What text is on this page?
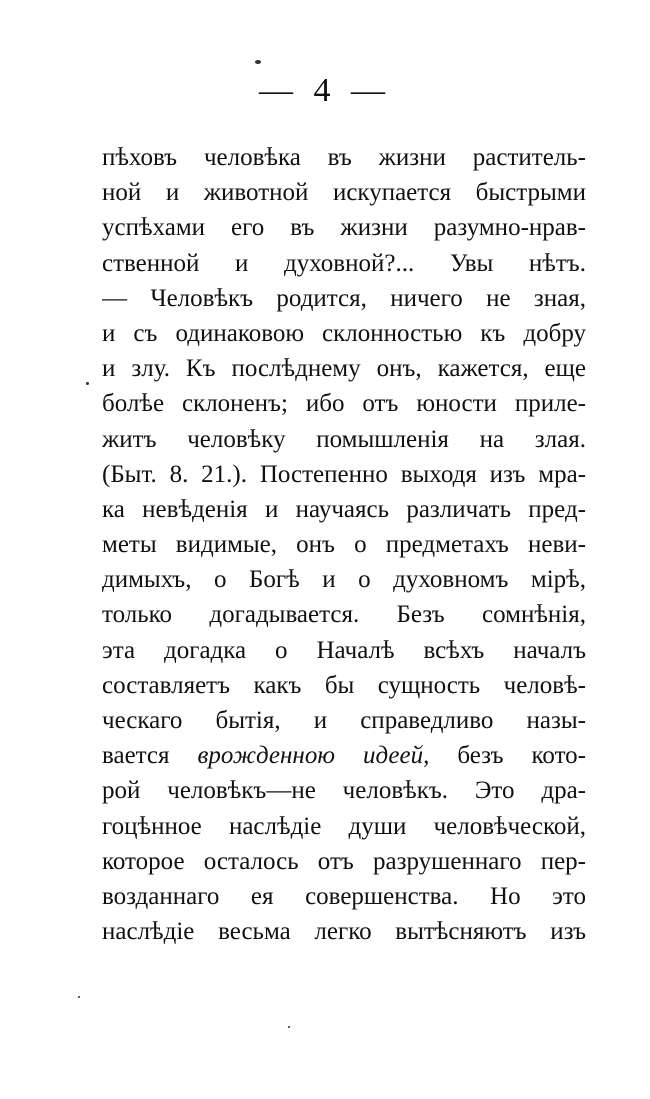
— 4 —
пѣховъ человѣка въ жизни раститель-
ной и животной искупается быстрыми
успѣхами его въ жизни разумно-нрав-
ственной и духовной?... Увы нѣтъ.
— Человѣкъ родится, ничего не зная,
и съ одинаковою склонностью къ добру
и злу. Къ послѣднему онъ, кажется, еще
болѣе склоненъ; ибо отъ юности приле-
житъ человѣку помышленія на злая.
(Быт. 8. 21.). Постепенно выходя изъ мра-
ка невѣденія и научаясь различать пред-
меты видимые, онъ о предметахъ неви-
димыхъ, о Богѣ и о духовномъ мірѣ,
только догадывается. Безъ сомнѣнія,
эта догадка о Началѣ всѣхъ началъ
составляетъ какъ бы сущность человѣ-
ческаго бытія, и справедливо назы-
вается врожденною идеей, безъ кото-
рой человѣкъ—не человѣкъ. Это дра-
гоцѣнное наслѣдіе души человѣческой,
которое осталось отъ разрушеннаго пер-
возданнаго ея совершенства. Но это
наслѣдіе весьма легко вытѣсняютъ изъ
